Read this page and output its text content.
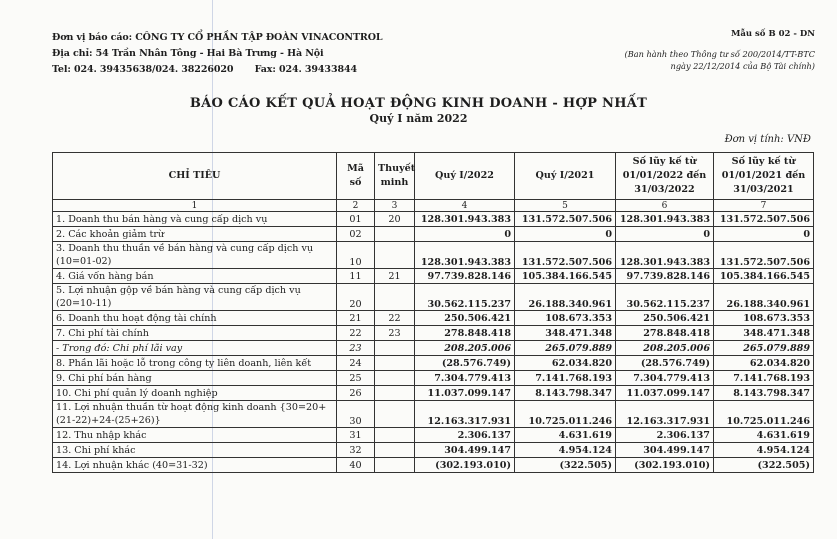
Đơn vị báo cáo: CÔNG TY CỔ PHẦN TẬP ĐOÀN VINACONTROL
Địa chỉ: 54 Trần Nhân Tông - Hai Bà Trưng - Hà Nội
Tel: 024. 39435638/024. 38226020 Fax: 024. 39433844
Mẫu số B 02 - DN
(Ban hành theo Thông tư số 200/2014/TT-BTC
ngày 22/12/2014 của Bộ Tài chính)
BÁO CÁO KẾT QUẢ HOẠT ĐỘNG KINH DOANH - HỢP NHẤT
Quý I năm 2022
Đơn vị tính: VNĐ
CHỈ TIÊU	Mã số	Thuyết minh	Quý I/2022	Quý I/2021	Số lũy kế từ 01/01/2022 đến 31/03/2022	Số lũy kế từ 01/01/2021 đến 31/03/2021
1	2	3	4	5	6	7
1. Doanh thu bán hàng và cung cấp dịch vụ	01	20	128.301.943.383	131.572.507.506	128.301.943.383	131.572.507.506
2. Các khoản giảm trừ	02		0	0	0	0
3. Doanh thu thuần về bán hàng và cung cấp dịch vụ (10=01-02)	10		128.301.943.383	131.572.507.506	128.301.943.383	131.572.507.506
4. Giá vốn hàng bán	11	21	97.739.828.146	105.384.166.545	97.739.828.146	105.384.166.545
5. Lợi nhuận gộp về bán hàng và cung cấp dịch vụ (20=10-11)	20		30.562.115.237	26.188.340.961	30.562.115.237	26.188.340.961
6. Doanh thu hoạt động tài chính	21	22	250.506.421	108.673.353	250.506.421	108.673.353
7. Chi phí tài chính	22	23	278.848.418	348.471.348	278.848.418	348.471.348
- Trong đó: Chi phí lãi vay	23		208.205.006	265.079.889	208.205.006	265.079.889
8. Phần lãi hoặc lỗ trong công ty liên doanh, liên kết	24		(28.576.749)	62.034.820	(28.576.749)	62.034.820
9. Chi phí bán hàng	25		7.304.779.413	7.141.768.193	7.304.779.413	7.141.768.193
10. Chi phí quản lý doanh nghiệp	26		11.037.099.147	8.143.798.347	11.037.099.147	8.143.798.347
11. Lợi nhuận thuần từ hoạt động kinh doanh {30=20+(21-22)+24-(25+26)}	30		12.163.317.931	10.725.011.246	12.163.317.931	10.725.011.246
12. Thu nhập khác	31		2.306.137	4.631.619	2.306.137	4.631.619
13. Chi phí khác	32		304.499.147	4.954.124	304.499.147	4.954.124
14. Lợi nhuận khác (40=31-32)	40		(302.193.010)	(322.505)	(302.193.010)	(322.505)
